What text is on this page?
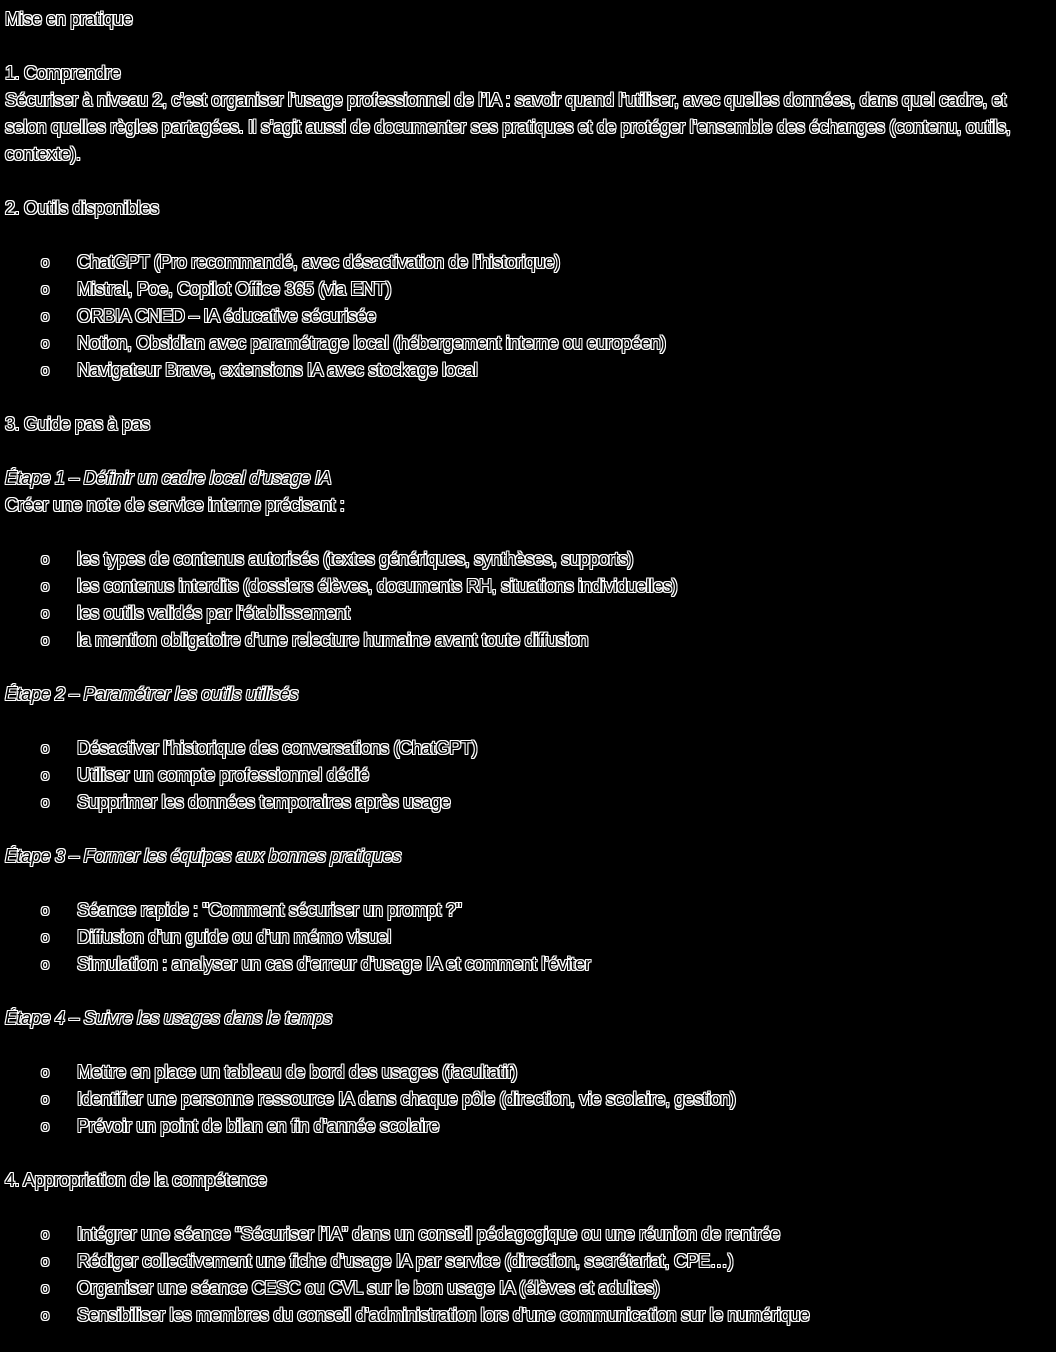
Mise en pratique

1. Comprendre

Sécuriser à niveau 2, c’est organiser l’usage professionnel de l’IA : savoir quand l’utiliser, avec quelles données, dans quel cadre, et selon quelles règles partagées. Il s’agit aussi de documenter ses pratiques et de protéger l’ensemble des échanges (contenu, outils, contexte).

2. Outils disponibles

o ChatGPT (Pro recommandé, avec désactivation de l’historique)
o Mistral, Poe, Copilot Office 365 (via ENT)
o ORBIA CNED – IA éducative sécurisée
o Notion, Obsidian avec paramétrage local (hébergement interne ou européen)
o Navigateur Brave, extensions IA avec stockage local

3. Guide pas à pas

Étape 1 – Définir un cadre local d’usage IA

Créer une note de service interne précisant :

o les types de contenus autorisés (textes génériques, synthèses, supports)
o les contenus interdits (dossiers élèves, documents RH, situations individuelles)
o les outils validés par l’établissement
o la mention obligatoire d’une relecture humaine avant toute diffusion

Étape 2 – Paramétrer les outils utilisés

o Désactiver l’historique des conversations (ChatGPT)
o Utiliser un compte professionnel dédié
o Supprimer les données temporaires après usage

Étape 3 – Former les équipes aux bonnes pratiques

o Séance rapide : "Comment sécuriser un prompt ?"
o Diffusion d’un guide ou d’un mémo visuel
o Simulation : analyser un cas d’erreur d’usage IA et comment l’éviter

Étape 4 – Suivre les usages dans le temps

o Mettre en place un tableau de bord des usages (facultatif)
o Identifier une personne ressource IA dans chaque pôle (direction, vie scolaire, gestion)
o Prévoir un point de bilan en fin d’année scolaire

4. Appropriation de la compétence

o Intégrer une séance “Sécuriser l’IA” dans un conseil pédagogique ou une réunion de rentrée
o Rédiger collectivement une fiche d’usage IA par service (direction, secrétariat, CPE…)
o Organiser une séance CESC ou CVL sur le bon usage IA (élèves et adultes)
o Sensibiliser les membres du conseil d’administration lors d’une communication sur le numérique
